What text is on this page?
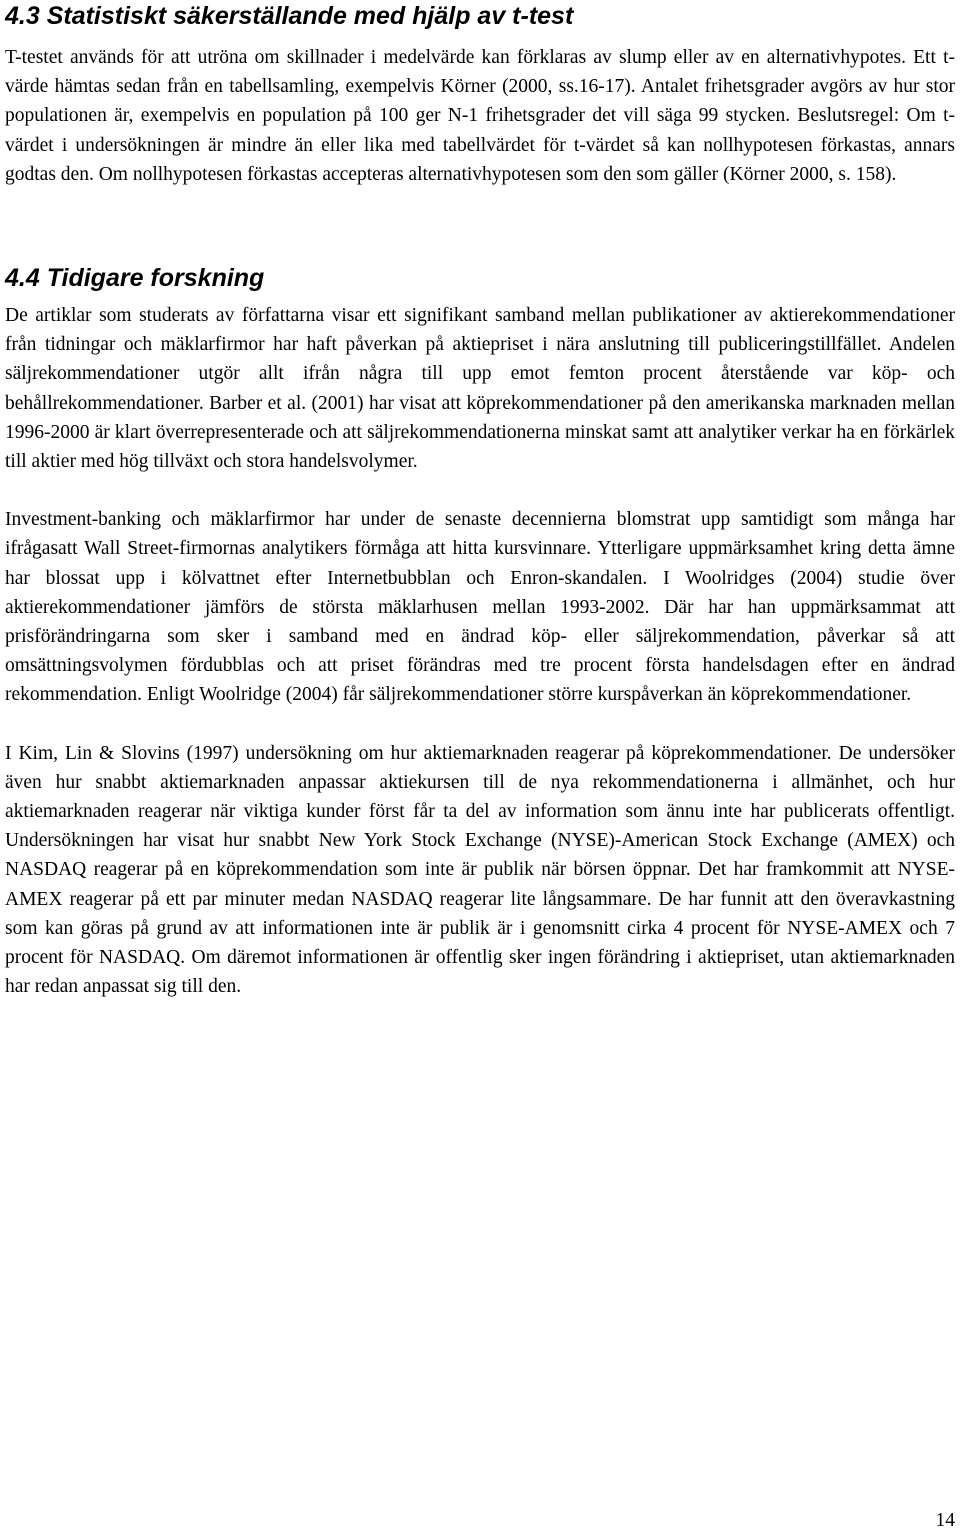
4.3 Statistiskt säkerställande med hjälp av t-test

T-testet används för att utröna om skillnader i medelvärde kan förklaras av slump eller av en alternativhypotes. Ett t-värde hämtas sedan från en tabellsamling, exempelvis Körner (2000, ss.16-17). Antalet frihetsgrader avgörs av hur stor populationen är, exempelvis en population på 100 ger N-1 frihetsgrader det vill säga 99 stycken. Beslutsregel: Om t-värdet i undersökningen är mindre än eller lika med tabellvärdet för t-värdet så kan nollhypotesen förkastas, annars godtas den. Om nollhypotesen förkastas accepteras alternativhypotesen som den som gäller (Körner 2000, s. 158).

4.4 Tidigare forskning

De artiklar som studerats av författarna visar ett signifikant samband mellan publikationer av aktierekommendationer från tidningar och mäklarfirmor har haft påverkan på aktiepriset i nära anslutning till publiceringstillfället. Andelen säljrekommendationer utgör allt ifrån några till upp emot femton procent återstående var köp- och behållrekommendationer. Barber et al. (2001) har visat att köprekommendationer på den amerikanska marknaden mellan 1996-2000 är klart överrepresenterade och att säljrekommendationerna minskat samt att analytiker verkar ha en förkärlek till aktier med hög tillväxt och stora handelsvolymer.

Investment-banking och mäklarfirmor har under de senaste decennierna blomstrat upp samtidigt som många har ifrågasatt Wall Street-firmornas analytikers förmåga att hitta kursvinnare. Ytterligare uppmärksamhet kring detta ämne har blossat upp i kölvattnet efter Internetbubblan och Enron-skandalen. I Woolridges (2004) studie över aktierekommendationer jämförs de största mäklarhusen mellan 1993-2002. Där har han uppmärksammat att prisförändringarna som sker i samband med en ändrad köp- eller säljrekommendation, påverkar så att omsättningsvolymen fördubblas och att priset förändras med tre procent första handelsdagen efter en ändrad rekommendation. Enligt Woolridge (2004) får säljrekommendationer större kurspåverkan än köprekommendationer.

I Kim, Lin & Slovins (1997) undersökning om hur aktiemarknaden reagerar på köprekommendationer. De undersöker även hur snabbt aktiemarknaden anpassar aktiekursen till de nya rekommendationerna i allmänhet, och hur aktiemarknaden reagerar när viktiga kunder först får ta del av information som ännu inte har publicerats offentligt. Undersökningen har visat hur snabbt New York Stock Exchange (NYSE)-American Stock Exchange (AMEX) och NASDAQ reagerar på en köprekommendation som inte är publik när börsen öppnar. Det har framkommit att NYSE-AMEX reagerar på ett par minuter medan NASDAQ reagerar lite långsammare. De har funnit att den överavkastning som kan göras på grund av att informationen inte är publik är i genomsnitt cirka 4 procent för NYSE-AMEX och 7 procent för NASDAQ. Om däremot informationen är offentlig sker ingen förändring i aktiepriset, utan aktiemarknaden har redan anpassat sig till den.

14
